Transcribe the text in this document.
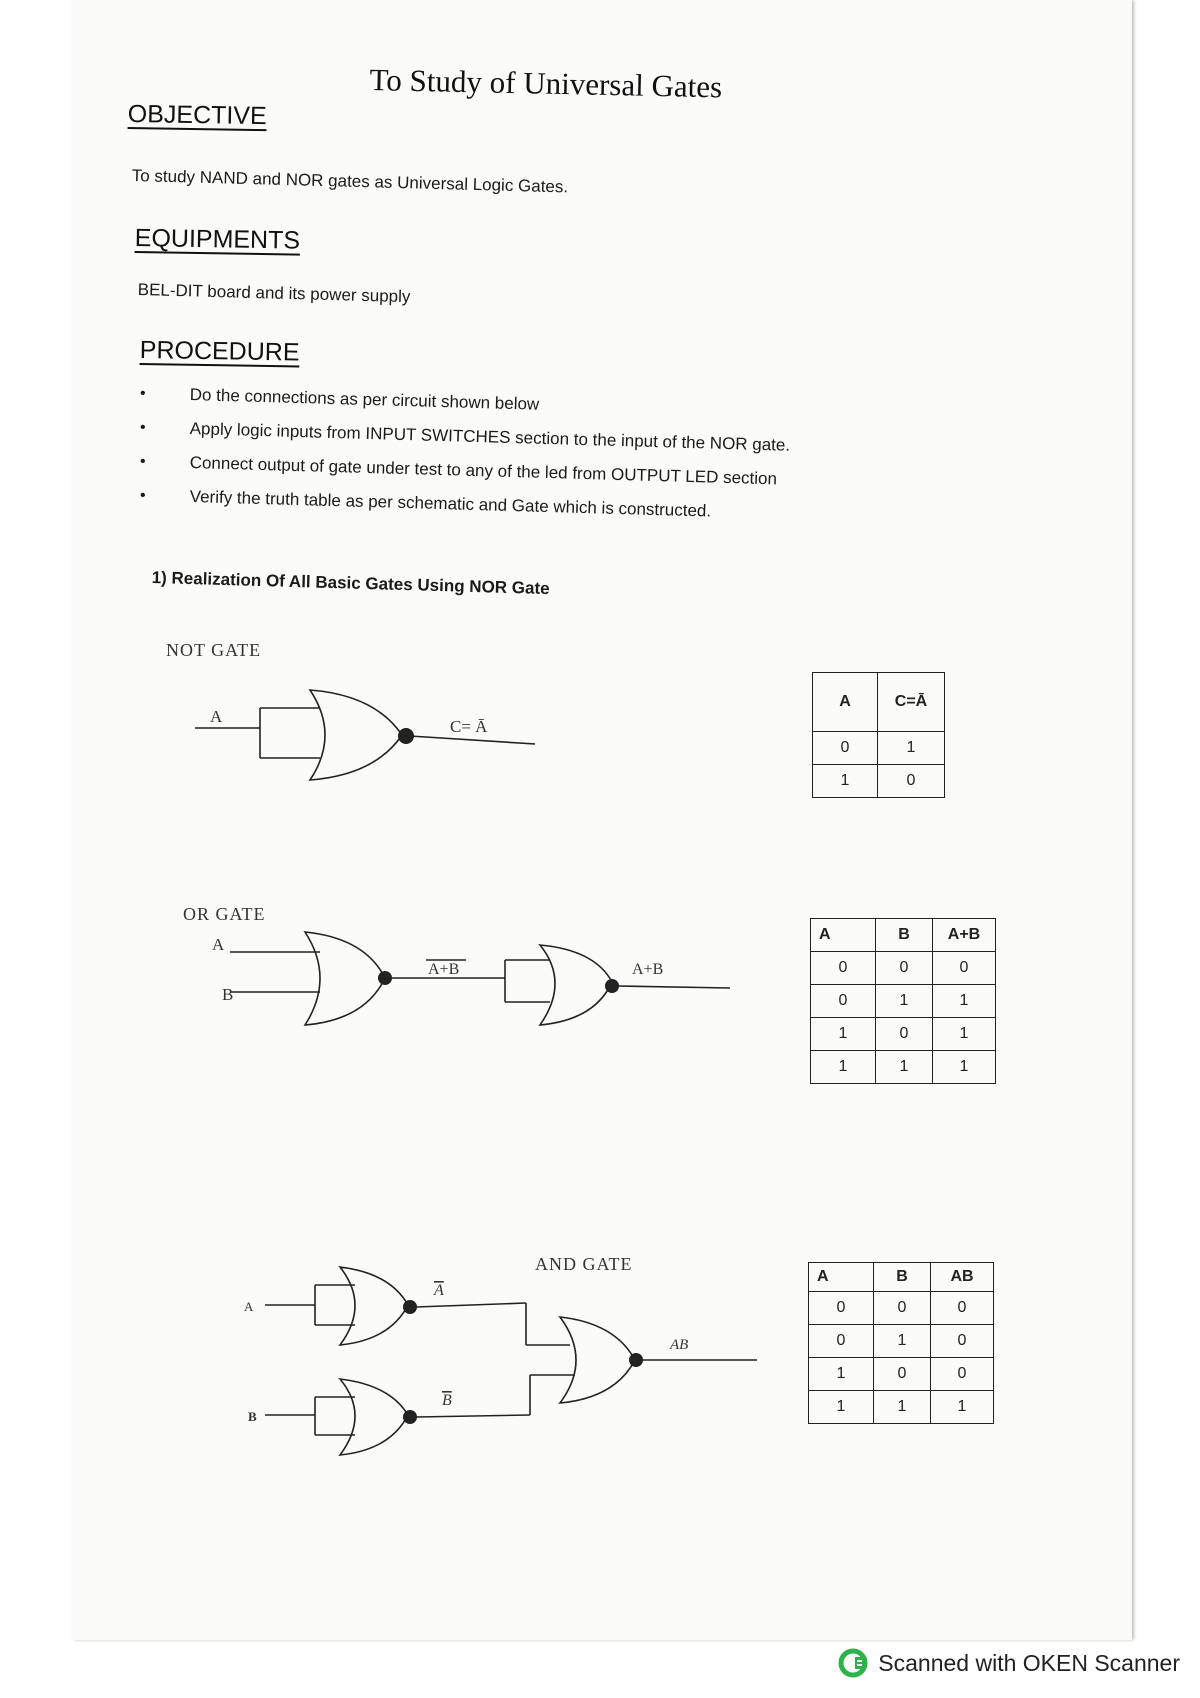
To Study of Universal Gates
OBJECTIVE
To study NAND and NOR gates as Universal Logic Gates.
EQUIPMENTS
BEL-DIT board and its power supply
PROCEDURE
• Do the connections as per circuit shown below
• Apply logic inputs from INPUT SWITCHES section to the input of the NOR gate.
• Connect output of gate under test to any of the led from OUTPUT LED section
• Verify the truth table as per schematic and Gate which is constructed.
1) Realization Of All Basic Gates Using NOR Gate
NOT GATE
A
C= Ā
A	C=Ā
0	1
1	0
OR GATE
A
B
A+B	A+B
A	B	A+B
0	0	0
0	1	1
1	0	1
1	1	1
AND GATE
A
B
A
B
AB
A	B	AB
0	0	0
0	1	0
1	0	0
1	1	1
Scanned with OKEN Scanner
